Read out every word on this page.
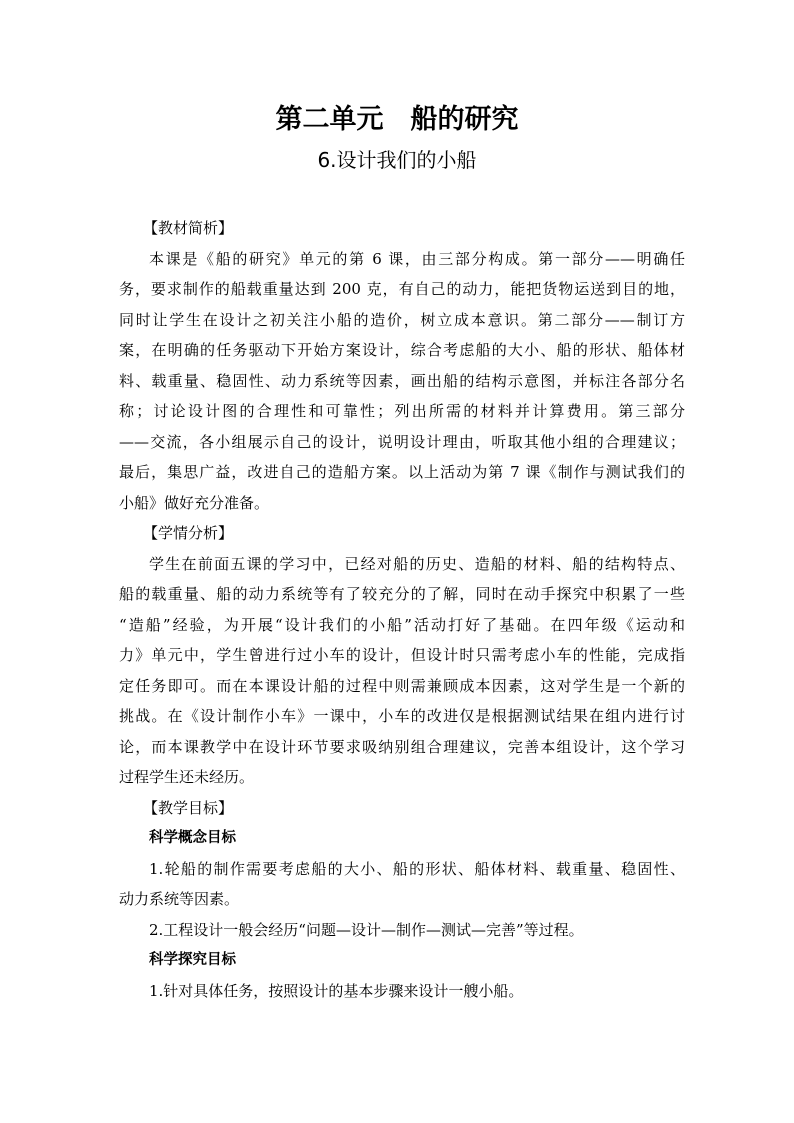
第二单元　船的研究
6.设计我们的小船
【教材简析】
本课是《船的研究》单元的第 6 课，由三部分构成。第一部分——明确任
务，要求制作的船载重量达到 200 克，有自己的动力，能把货物运送到目的地，
同时让学生在设计之初关注小船的造价，树立成本意识。第二部分——制订方
案，在明确的任务驱动下开始方案设计，综合考虑船的大小、船的形状、船体材
料、载重量、稳固性、动力系统等因素，画出船的结构示意图，并标注各部分名
称；讨论设计图的合理性和可靠性；列出所需的材料并计算费用。第三部分
——交流，各小组展示自己的设计，说明设计理由，听取其他小组的合理建议；
最后，集思广益，改进自己的造船方案。以上活动为第 7 课《制作与测试我们的
小船》做好充分准备。
【学情分析】
学生在前面五课的学习中，已经对船的历史、造船的材料、船的结构特点、
船的载重量、船的动力系统等有了较充分的了解，同时在动手探究中积累了一些
“造船”经验，为开展“设计我们的小船”活动打好了基础。在四年级《运动和
力》单元中，学生曾进行过小车的设计，但设计时只需考虑小车的性能，完成指
定任务即可。而在本课设计船的过程中则需兼顾成本因素，这对学生是一个新的
挑战。在《设计制作小车》一课中，小车的改进仅是根据测试结果在组内进行讨
论，而本课教学中在设计环节要求吸纳别组合理建议，完善本组设计，这个学习
过程学生还未经历。
【教学目标】
科学概念目标
1.轮船的制作需要考虑船的大小、船的形状、船体材料、载重量、稳固性、
动力系统等因素。
2.工程设计一般会经历“问题—设计—制作—测试—完善”等过程。
科学探究目标
1.针对具体任务，按照设计的基本步骤来设计一艘小船。
